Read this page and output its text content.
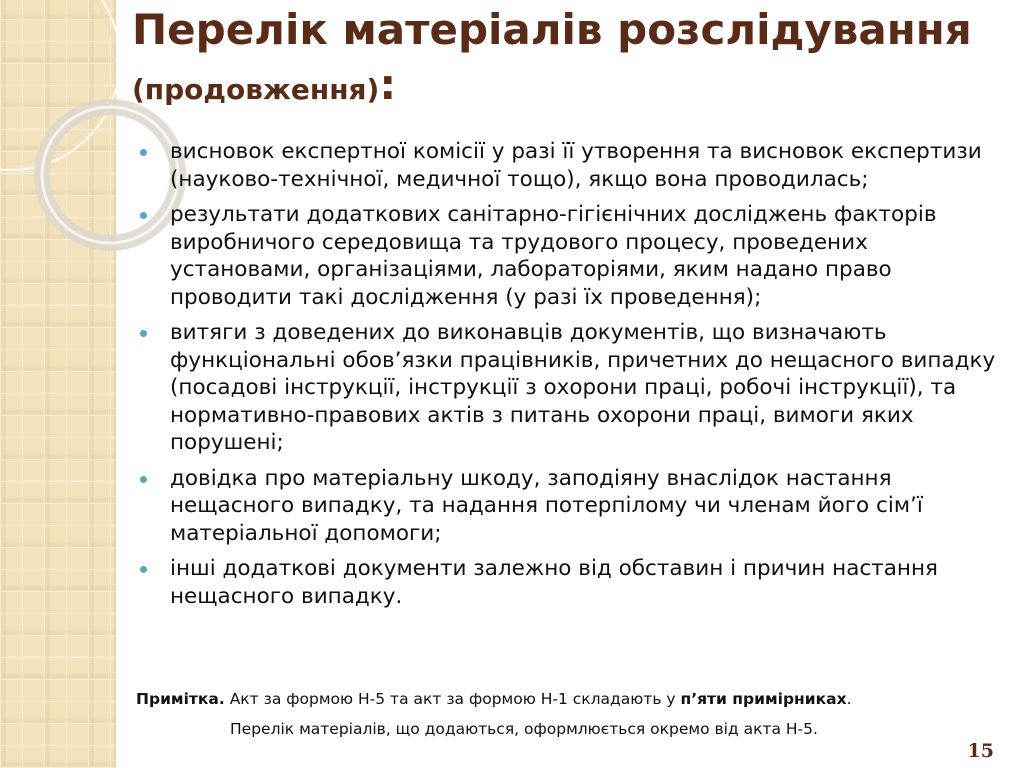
Перелік матеріалів розслідування (продовження):
висновок експертної комісії у разі її утворення та висновок експертизи (науково-технічної, медичної тощо), якщо вона проводилась;
результати додаткових санітарно-гігієнічних досліджень факторів виробничого середовища та трудового процесу, проведених установами, організаціями, лабораторіями, яким надано право проводити такі дослідження (у разі їх проведення);
витяги з доведених до виконавців документів, що визначають функціональні обов’язки працівників, причетних до нещасного випадку (посадові інструкції, інструкції з охорони праці, робочі інструкції), та нормативно-правових актів з питань охорони праці, вимоги яких порушені;
довідка про матеріальну шкоду, заподіяну внаслідок настання нещасного випадку, та надання потерпілому чи членам його сім’ї матеріальної допомоги;
інші додаткові документи залежно від обставин і причин настання нещасного випадку.
Примітка. Акт за формою Н-5 та акт за формою Н-1 складають у п’яти примірниках.
Перелік матеріалів, що додаються, оформлюється окремо від акта Н-5.
15
